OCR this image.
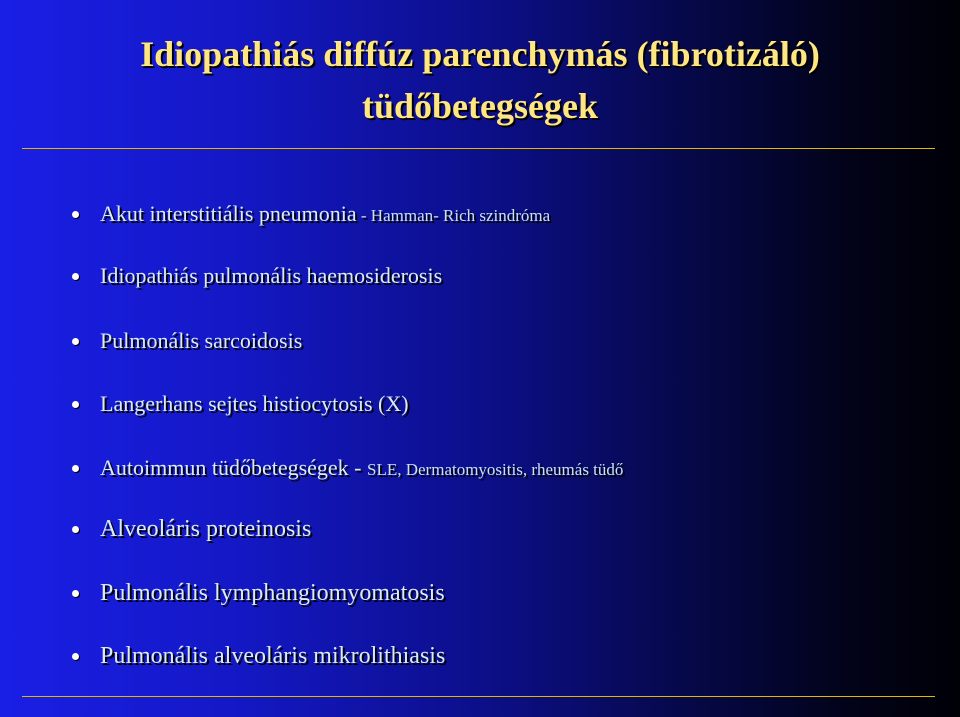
Idiopathiás diffúz parenchymás (fibrotizáló)
tüdőbetegségek
Akut interstitiális pneumonia - Hamman- Rich szindróma
Idiopathiás pulmonális haemosiderosis
Pulmonális sarcoidosis
Langerhans sejtes histiocytosis (X)
Autoimmun tüdőbetegségek - SLE, Dermatomyositis, rheumás tüdő
Alveoláris proteinosis
Pulmonális lymphangiomyomatosis
Pulmonális alveoláris mikrolithiasis
